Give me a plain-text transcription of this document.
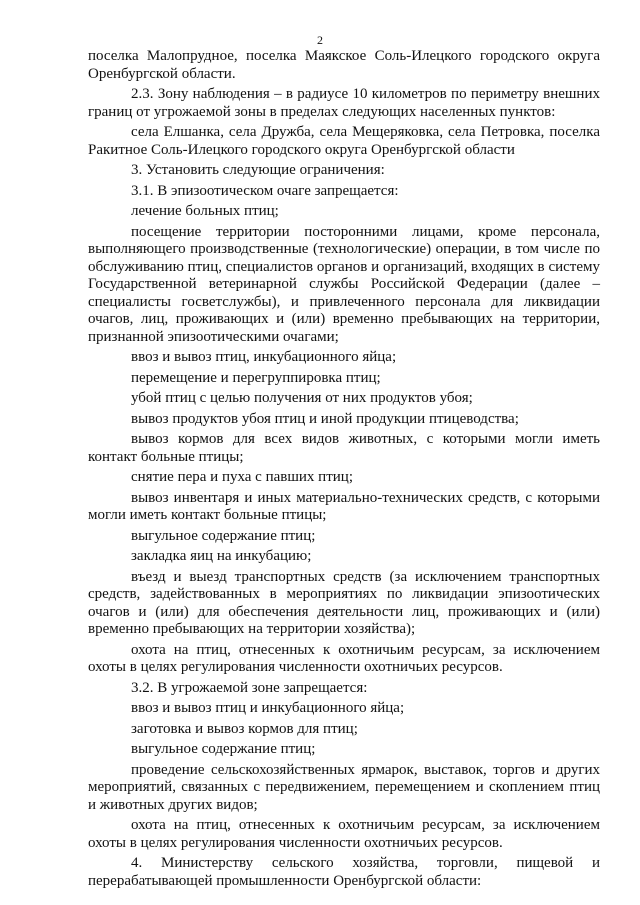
2

поселка Малопрудное, поселка Маякское Соль-Илецкого городского округа Оренбургской области.

2.3. Зону наблюдения – в радиусе 10 километров по периметру внешних границ от угрожаемой зоны в пределах следующих населенных пунктов:

села Елшанка, села Дружба, села Мещеряковка, села Петровка, поселка Ракитное Соль-Илецкого городского округа Оренбургской области

3. Установить следующие ограничения:

3.1. В эпизоотическом очаге запрещается:

лечение больных птиц;

посещение территории посторонними лицами, кроме персонала, выполняющего производственные (технологические) операции, в том числе по обслуживанию птиц, специалистов органов и организаций, входящих в систему Государственной ветеринарной службы Российской Федерации (далее – специалисты госветслужбы), и привлеченного персонала для ликвидации очагов, лиц, проживающих и (или) временно пребывающих на территории, признанной эпизоотическими очагами;

ввоз и вывоз птиц, инкубационного яйца;

перемещение и перегруппировка птиц;

убой птиц с целью получения от них продуктов убоя;

вывоз продуктов убоя птиц и иной продукции птицеводства;

вывоз кормов для всех видов животных, с которыми могли иметь контакт больные птицы;

снятие пера и пуха с павших птиц;

вывоз инвентаря и иных материально-технических средств, с которыми могли иметь контакт больные птицы;

выгульное содержание птиц;

закладка яиц на инкубацию;

въезд и выезд транспортных средств (за исключением транспортных средств, задействованных в мероприятиях по ликвидации эпизоотических очагов и (или) для обеспечения деятельности лиц, проживающих и (или) временно пребывающих на территории хозяйства);

охота на птиц, отнесенных к охотничьим ресурсам, за исключением охоты в целях регулирования численности охотничьих ресурсов.

3.2. В угрожаемой зоне запрещается:

ввоз и вывоз птиц и инкубационного яйца;

заготовка и вывоз кормов для птиц;

выгульное содержание птиц;

проведение сельскохозяйственных ярмарок, выставок, торгов и других мероприятий, связанных с передвижением, перемещением и скоплением птиц и животных других видов;

охота на птиц, отнесенных к охотничьим ресурсам, за исключением охоты в целях регулирования численности охотничьих ресурсов.

4. Министерству сельского хозяйства, торговли, пищевой и перерабатывающей промышленности Оренбургской области:
